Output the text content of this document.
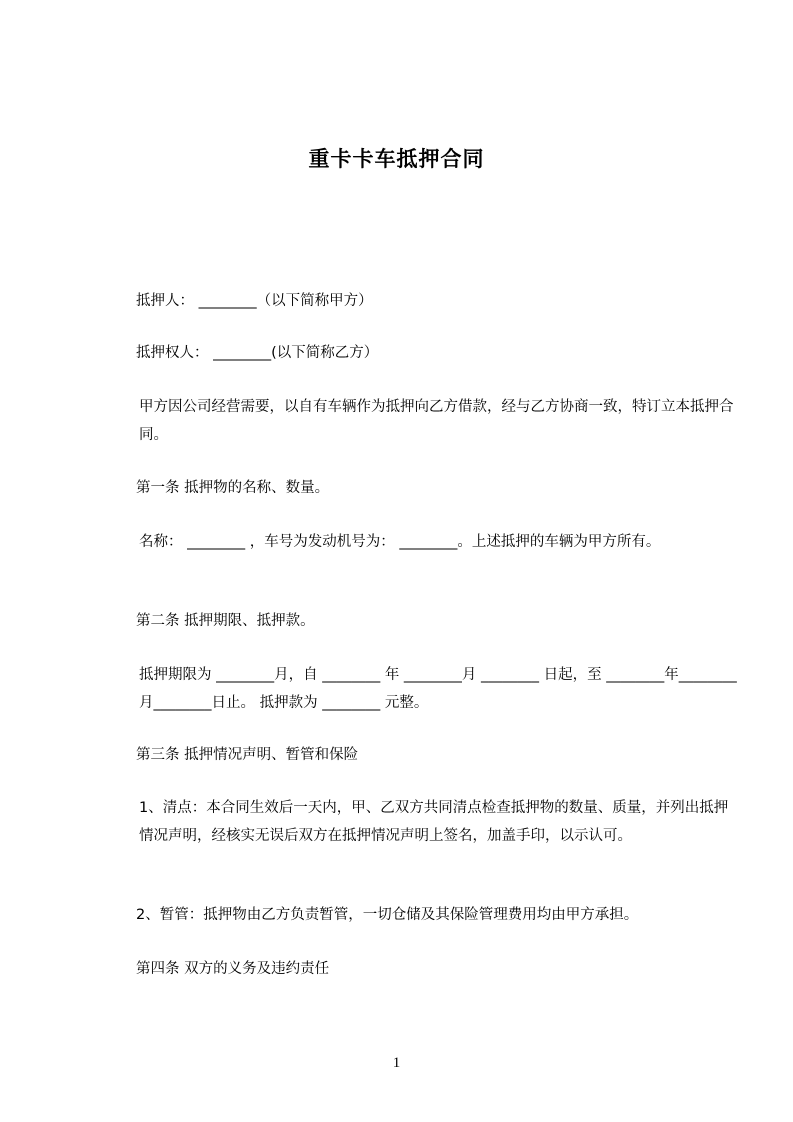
重卡卡车抵押合同
抵押人： ________（以下简称甲方）
抵押权人： ________(以下简称乙方）
甲方因公司经营需要，以自有车辆作为抵押向乙方借款，经与乙方协商一致，特订立本抵押合同。
第一条 抵押物的名称、数量。
名称： ________ ，车号为发动机号为： ________。上述抵押的车辆为甲方所有。
第二条 抵押期限、抵押款。
抵押期限为 ________月，自 ________ 年 ________月 ________ 日起，至 ________年________月________日止。 抵押款为 ________ 元整。
第三条 抵押情况声明、暂管和保险
1、清点：本合同生效后一天内，甲、乙双方共同清点检查抵押物的数量、质量，并列出抵押情况声明，经核实无误后双方在抵押情况声明上签名，加盖手印，以示认可。
2、暂管：抵押物由乙方负责暂管，一切仓储及其保险管理费用均由甲方承担。
第四条 双方的义务及违约责任
1
